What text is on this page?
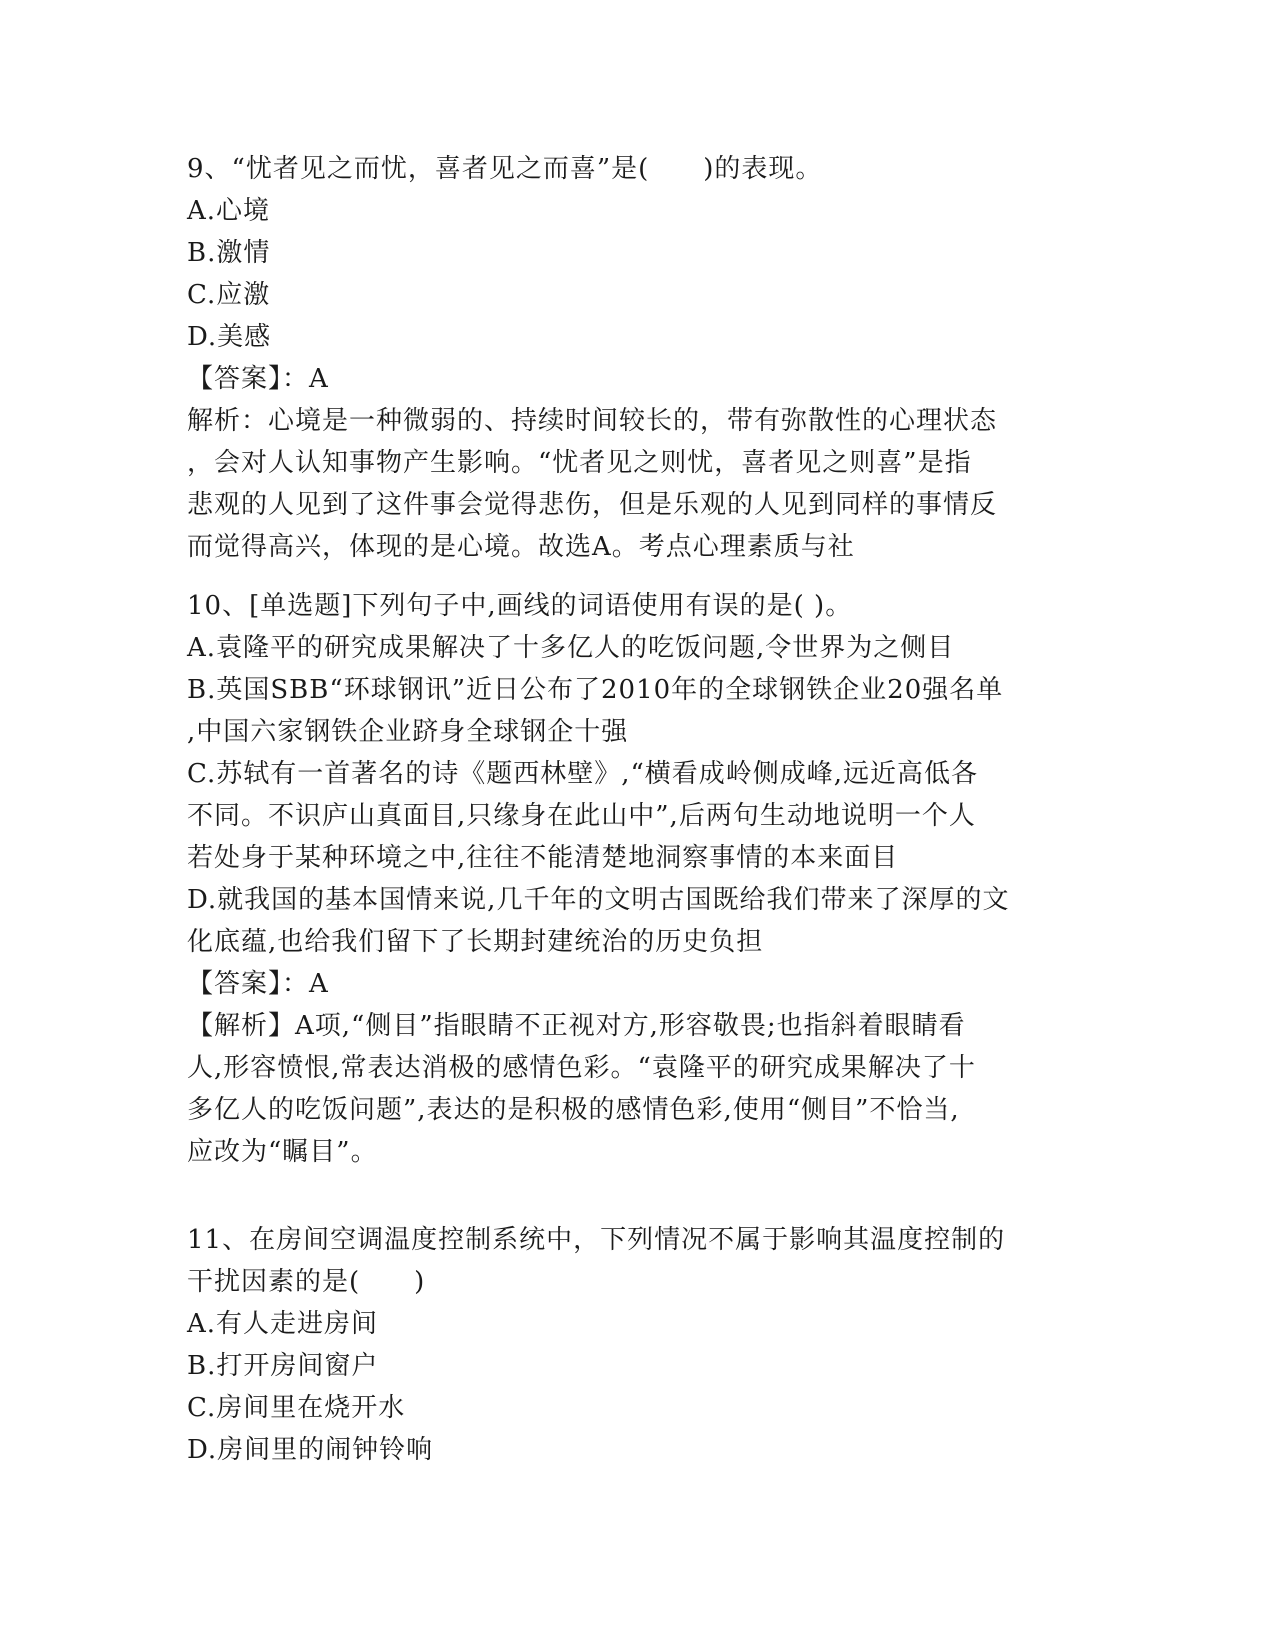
9、“忧者见之而忧，喜者见之而喜”是(　　)的表现。
A.心境
B.激情
C.应激
D.美感
【答案】：A
解析：心境是一种微弱的、持续时间较长的，带有弥散性的心理状态
，会对人认知事物产生影响。“忧者见之则忧，喜者见之则喜”是指
悲观的人见到了这件事会觉得悲伤，但是乐观的人见到同样的事情反
而觉得高兴，体现的是心境。故选A。考点心理素质与社
10、[单选题]下列句子中,画线的词语使用有误的是( )。
A.袁隆平的研究成果解决了十多亿人的吃饭问题,令世界为之侧目
B.英国SBB“环球钢讯”近日公布了2010年的全球钢铁企业20强名单
,中国六家钢铁企业跻身全球钢企十强
C.苏轼有一首著名的诗《题西林壁》,“横看成岭侧成峰,远近高低各
不同。不识庐山真面目,只缘身在此山中”,后两句生动地说明一个人
若处身于某种环境之中,往往不能清楚地洞察事情的本来面目
D.就我国的基本国情来说,几千年的文明古国既给我们带来了深厚的文
化底蕴,也给我们留下了长期封建统治的历史负担
【答案】：A
【解析】A项,“侧目”指眼睛不正视对方,形容敬畏;也指斜着眼睛看
人,形容愤恨,常表达消极的感情色彩。“袁隆平的研究成果解决了十
多亿人的吃饭问题”,表达的是积极的感情色彩,使用“侧目”不恰当,
应改为“瞩目”。
11、在房间空调温度控制系统中，下列情况不属于影响其温度控制的
干扰因素的是(　　)
A.有人走进房间
B.打开房间窗户
C.房间里在烧开水
D.房间里的闹钟铃响
